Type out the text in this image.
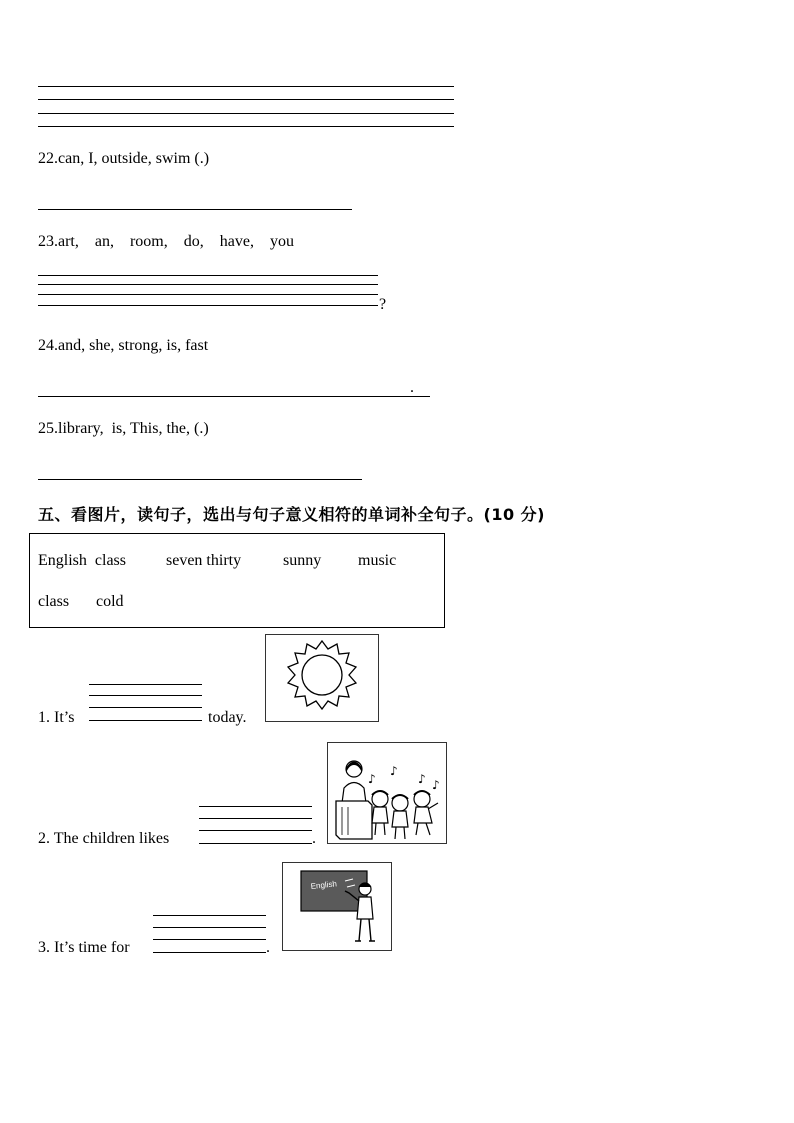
22.can, I, outside, swim (.)
23.art,    an,    room,    do,    have,    you
?
24.and, she, strong, is, fast
.
25.library,  is, This, the, (.)
五、看图片，读句子，选出与句子意义相符的单词补全句子。(10 分)
English  class	seven thirty	sunny music
class cold
1. It’s	today.
2. The children likes	.
♪
♪
♪ ♪
3. It’s time for	.
English
